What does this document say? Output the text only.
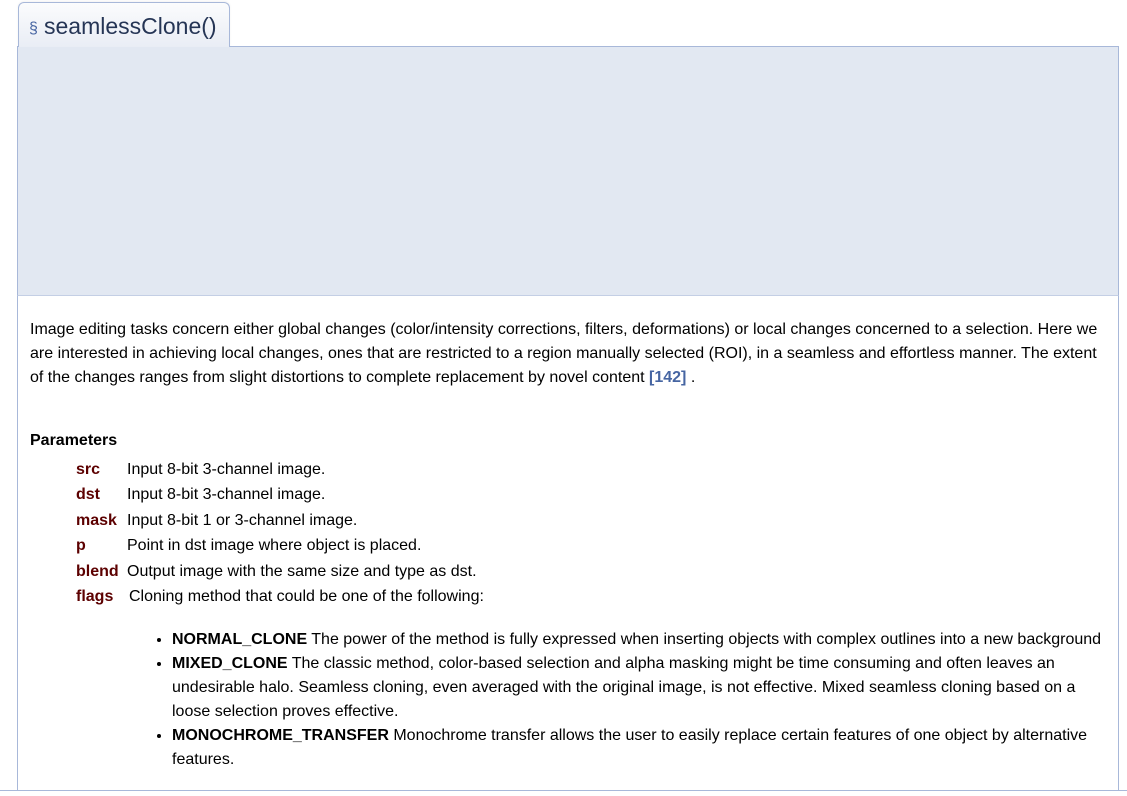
§ seamlessClone()
Image editing tasks concern either global changes (color/intensity corrections, filters, deformations) or local changes concerned to a selection. Here we are interested in achieving local changes, ones that are restricted to a region manually selected (ROI), in a seamless and effortless manner. The extent of the changes ranges from slight distortions to complete replacement by novel content [142] .
Parameters
src Input 8-bit 3-channel image.
dst Input 8-bit 3-channel image.
mask Input 8-bit 1 or 3-channel image.
p	Point in dst image where object is placed.
blend Output image with the same size and type as dst.
flags Cloning method that could be one of the following:
• NORMAL_CLONE The power of the method is fully expressed when inserting objects with complex outlines into a new background
• MIXED_CLONE The classic method, color-based selection and alpha masking might be time consuming and often leaves an undesirable halo. Seamless cloning, even averaged with the original image, is not effective. Mixed seamless cloning based on a loose selection proves effective.
• MONOCHROME_TRANSFER Monochrome transfer allows the user to easily replace certain features of one object by alternative features.
